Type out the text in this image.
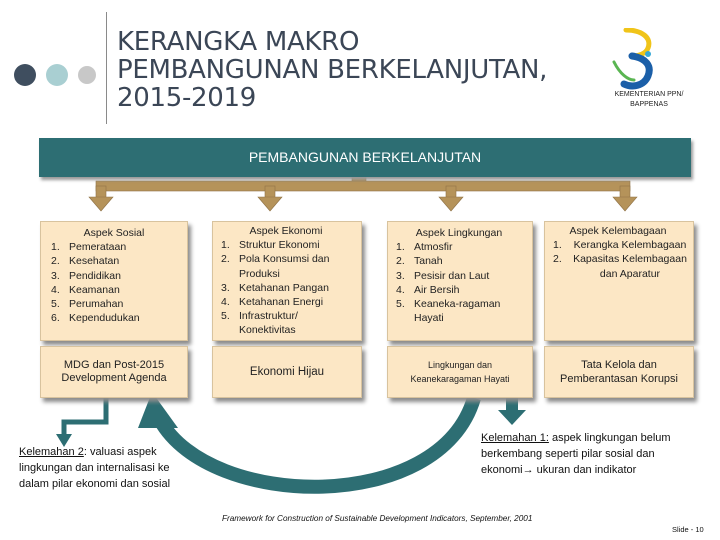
KERANGKA MAKRO
PEMBANGUNAN BERKELANJUTAN,
2015-2019	KEMENTERIAN PPN/
BAPPENAS
PEMBANGUNAN BERKELANJUTAN
Aspek Sosial
1. Pemerataan
2. Kesehatan
3. Pendidikan
4. Keamanan
5. Perumahan
6. Kependudukan
Aspek Ekonomi
1. Struktur Ekonomi
2. Pola Konsumsi dan Produksi
3. Ketahanan Pangan
4. Ketahanan Energi
5. Infrastruktur/ Konektivitas
Aspek Lingkungan
1. Atmosfir
2. Tanah
3. Pesisir dan Laut
4. Air Bersih
5. Keaneka-ragaman Hayati
Aspek Kelembagaan
1.	Kerangka Kelembagaan
2.	Kapasitas Kelembagaan dan Aparatur
MDG dan Post-2015 Development Agenda	Ekonomi Hijau
Lingkungan dan Keanekaragaman Hayati
Tata Kelola dan Pemberantasan Korupsi
Kelemahan 1: aspek lingkungan belum berkembang seperti pilar sosial dan ekonomi→ ukuran dan indikator
Kelemahan 2: valuasi aspek lingkungan dan internalisasi ke dalam pilar ekonomi dan sosial
Framework for Construction of Sustainable Development Indicators, September, 2001
Slide - 10
